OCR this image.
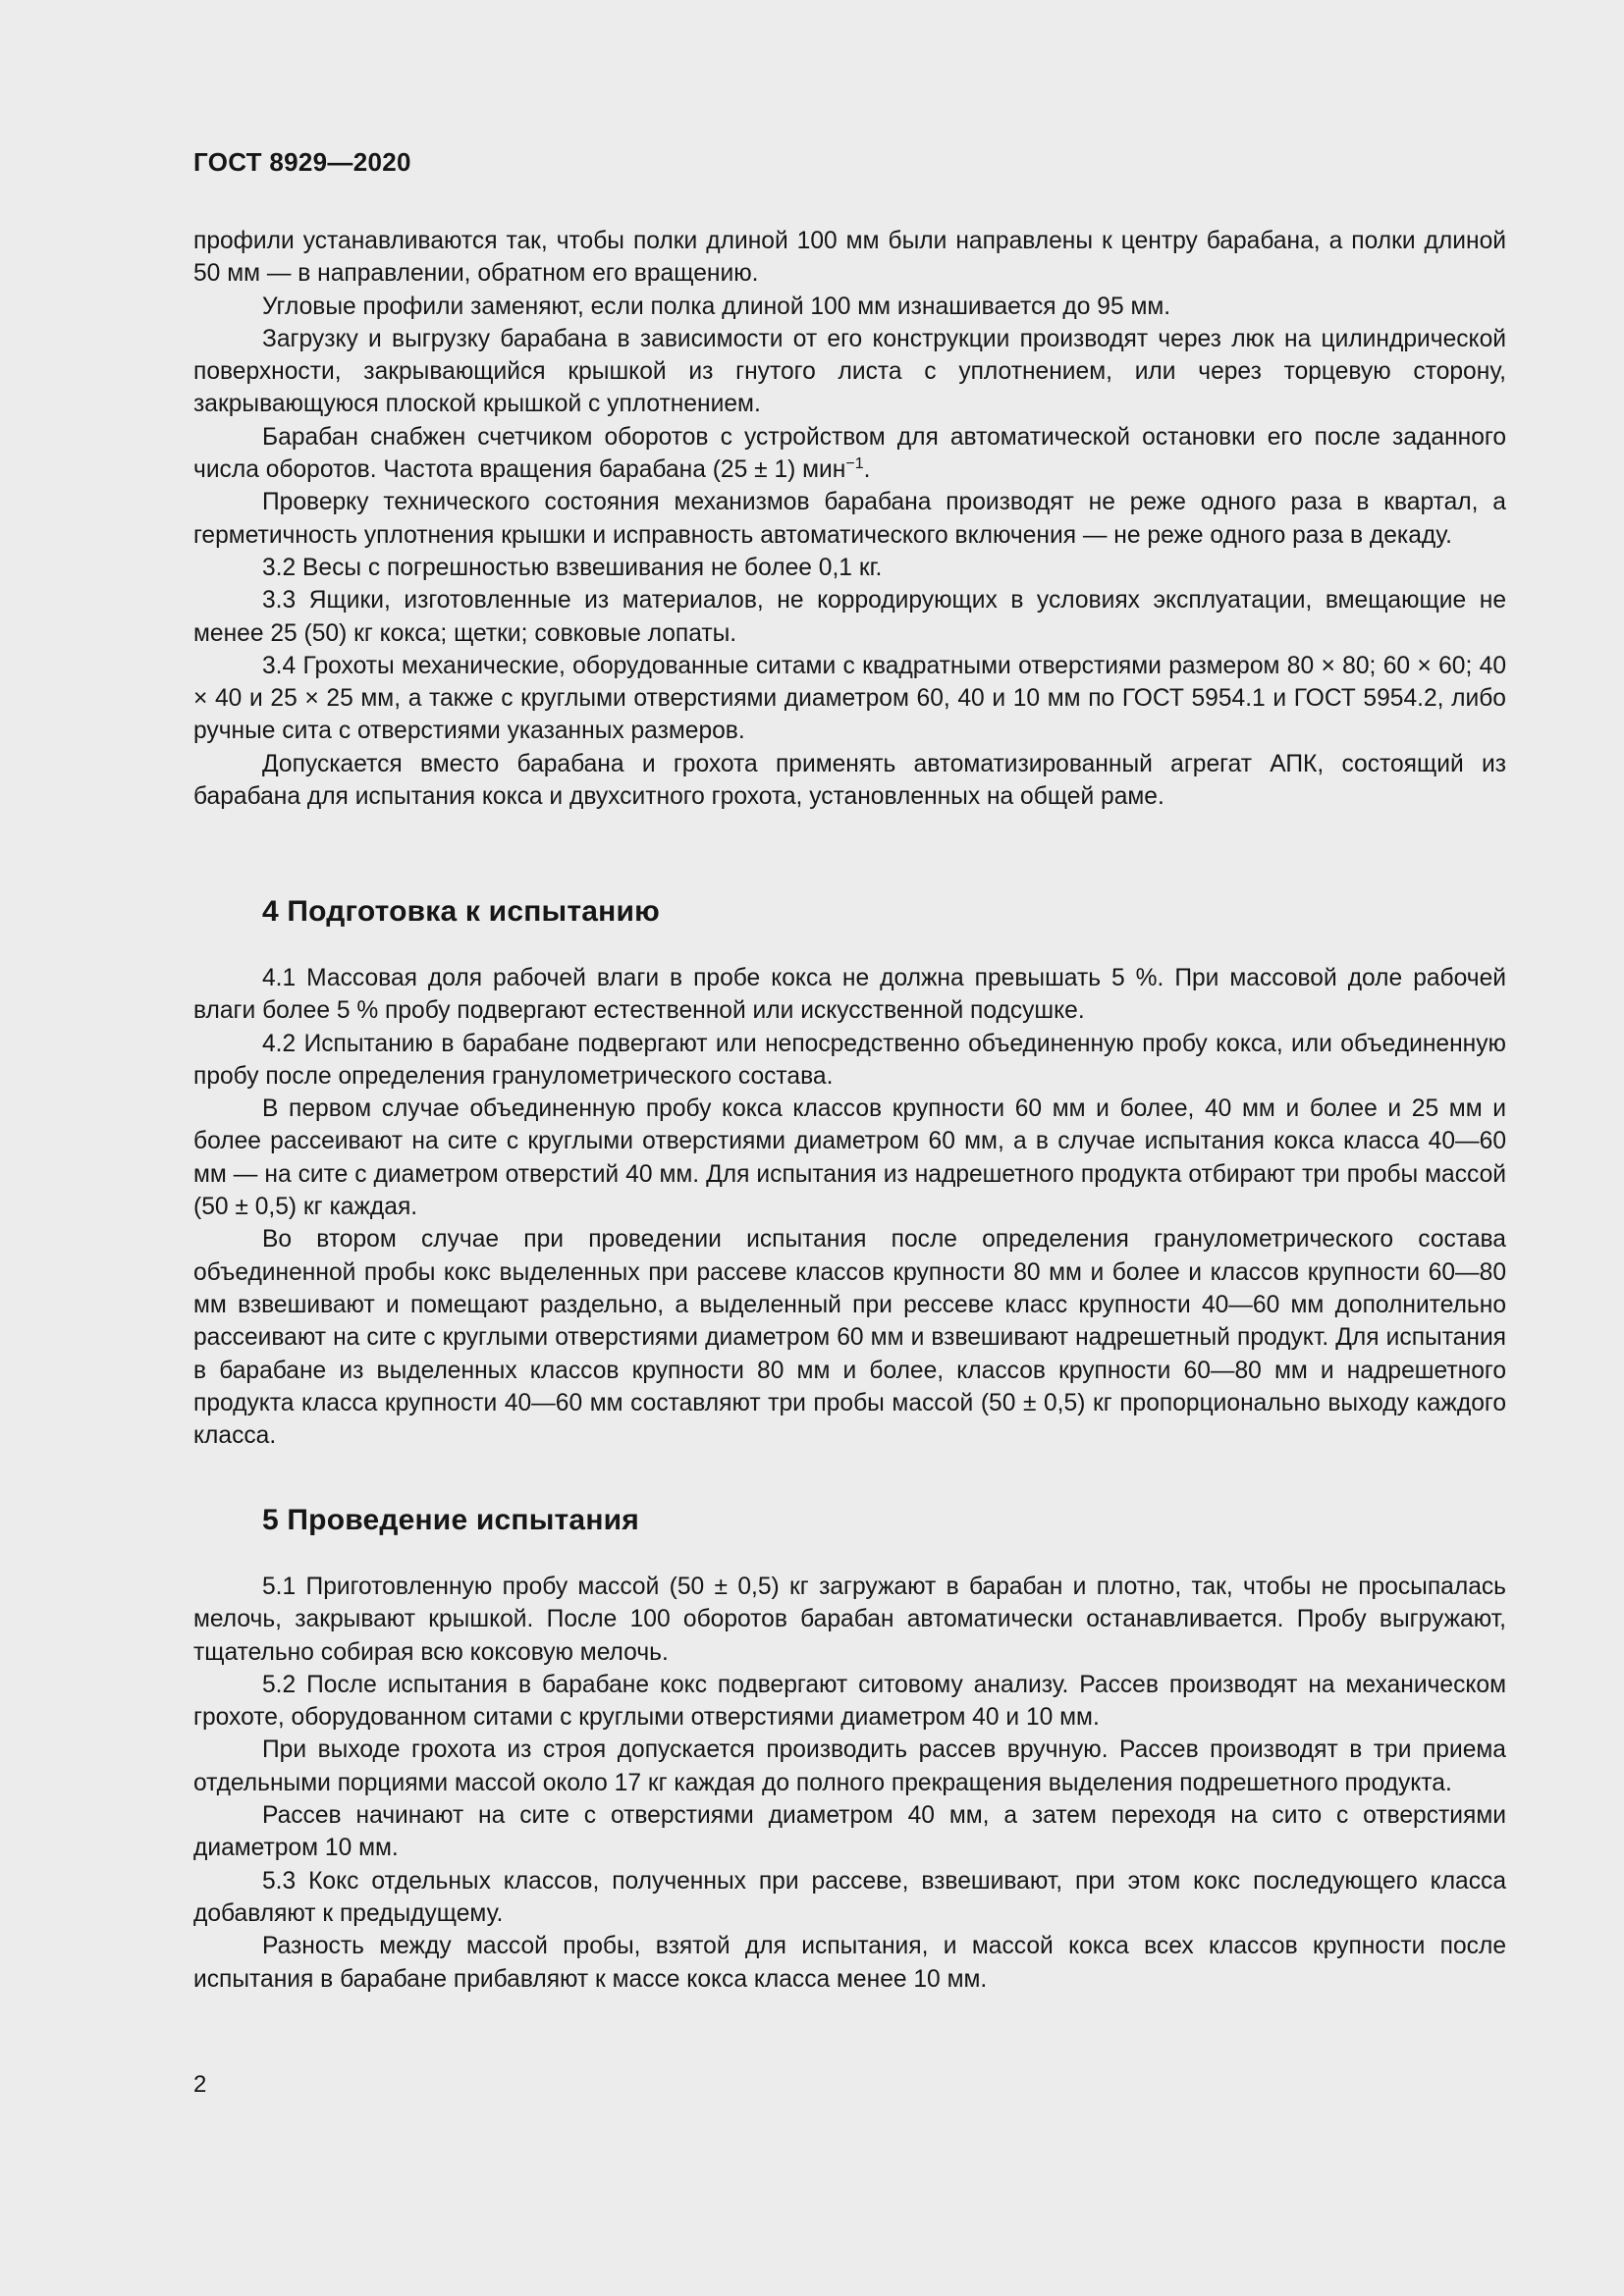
ГОСТ 8929—2020

профили устанавливаются так, чтобы полки длиной 100 мм были направлены к центру барабана, а полки длиной 50 мм — в направлении, обратном его вращению.

Угловые профили заменяют, если полка длиной 100 мм изнашивается до 95 мм.

Загрузку и выгрузку барабана в зависимости от его конструкции производят через люк на цилиндрической поверхности, закрывающийся крышкой из гнутого листа с уплотнением, или через торцевую сторону, закрывающуюся плоской крышкой с уплотнением.

Барабан снабжен счетчиком оборотов с устройством для автоматической остановки его после заданного числа оборотов. Частота вращения барабана (25 ± 1) мин$^{-1}$.

Проверку технического состояния механизмов барабана производят не реже одного раза в квартал, а герметичность уплотнения крышки и исправность автоматического включения — не реже одного раза в декаду.

3.2 Весы с погрешностью взвешивания не более 0,1 кг.

3.3 Ящики, изготовленные из материалов, не корродирующих в условиях эксплуатации, вмещающие не менее 25 (50) кг кокса; щетки; совковые лопаты.

3.4 Грохоты механические, оборудованные ситами с квадратными отверстиями размером 80 × 80; 60 × 60; 40 × 40 и 25 × 25 мм, а также с круглыми отверстиями диаметром 60, 40 и 10 мм по ГОСТ 5954.1 и ГОСТ 5954.2, либо ручные сита с отверстиями указанных размеров.

Допускается вместо барабана и грохота применять автоматизированный агрегат АПК, состоящий из барабана для испытания кокса и двухситного грохота, установленных на общей раме.

4 Подготовка к испытанию

4.1 Массовая доля рабочей влаги в пробе кокса не должна превышать 5 %. При массовой доле рабочей влаги более 5 % пробу подвергают естественной или искусственной подсушке.

4.2 Испытанию в барабане подвергают или непосредственно объединенную пробу кокса, или объединенную пробу после определения гранулометрического состава.

В первом случае объединенную пробу кокса классов крупности 60 мм и более, 40 мм и более и 25 мм и более рассеивают на сите с круглыми отверстиями диаметром 60 мм, а в случае испытания кокса класса 40—60 мм — на сите с диаметром отверстий 40 мм. Для испытания из надрешетного продукта отбирают три пробы массой (50 ± 0,5) кг каждая.

Во втором случае при проведении испытания после определения гранулометрического состава объединенной пробы кокс выделенных при рассеве классов крупности 80 мм и более и классов крупности 60—80 мм взвешивают и помещают раздельно, а выделенный при рессеве класс крупности 40—60 мм дополнительно рассеивают на сите с круглыми отверстиями диаметром 60 мм и взвешивают надрешетный продукт. Для испытания в барабане из выделенных классов крупности 80 мм и более, классов крупности 60—80 мм и надрешетного продукта класса крупности 40—60 мм составляют три пробы массой (50 ± 0,5) кг пропорционально выходу каждого класса.

5 Проведение испытания

5.1 Приготовленную пробу массой (50 ± 0,5) кг загружают в барабан и плотно, так, чтобы не просыпалась мелочь, закрывают крышкой. После 100 оборотов барабан автоматически останавливается. Пробу выгружают, тщательно собирая всю коксовую мелочь.

5.2 После испытания в барабане кокс подвергают ситовому анализу. Рассев производят на механическом грохоте, оборудованном ситами с круглыми отверстиями диаметром 40 и 10 мм.

При выходе грохота из строя допускается производить рассев вручную. Рассев производят в три приема отдельными порциями массой около 17 кг каждая до полного прекращения выделения подрешетного продукта.

Рассев начинают на сите с отверстиями диаметром 40 мм, а затем переходя на сито с отверстиями диаметром 10 мм.

5.3 Кокс отдельных классов, полученных при рассеве, взвешивают, при этом кокс последующего класса добавляют к предыдущему.

Разность между массой пробы, взятой для испытания, и массой кокса всех классов крупности после испытания в барабане прибавляют к массе кокса класса менее 10 мм.

2
